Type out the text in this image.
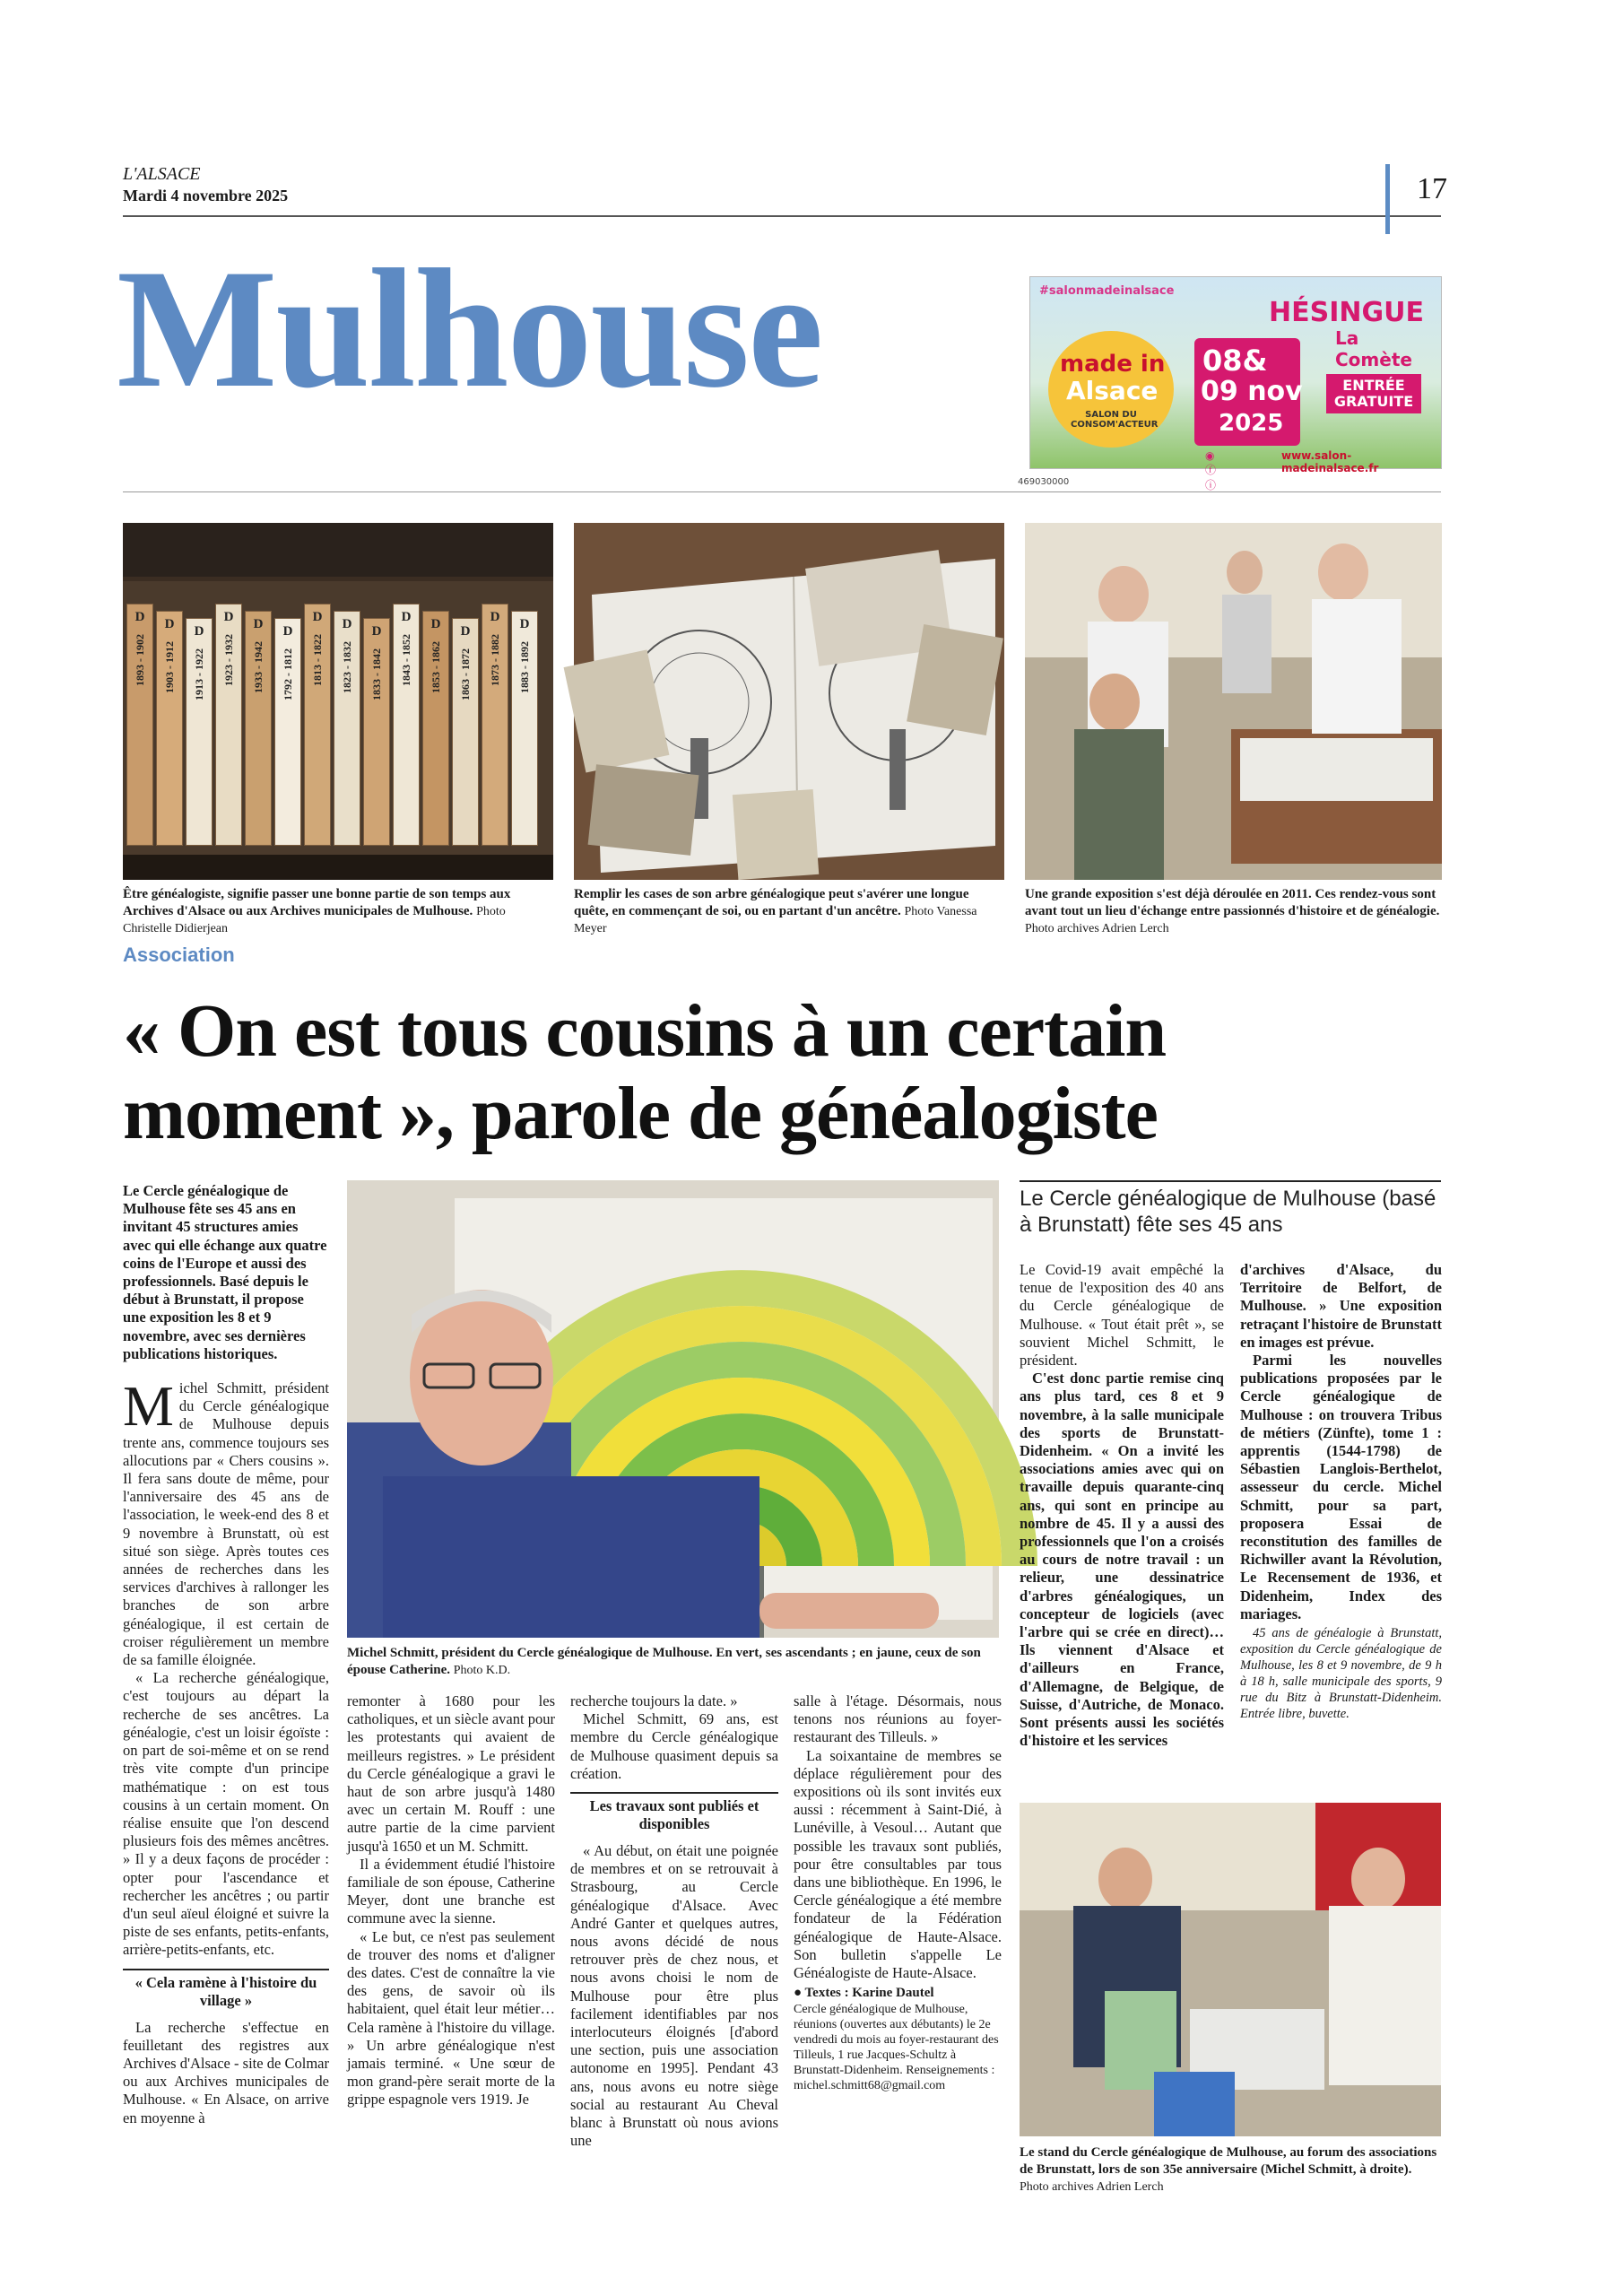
L'ALSACE
Mardi 4 novembre 2025	17
Mulhouse	#salonmadeinalsace
made in
Alsace
SALON DU CONSOM'ACTEUR
08&
09 nov
2025
HÉSINGUE
La Comète
ENTRÉE GRATUITE
◉ ⓕ ⓘ
www.salon-madeinalsace.fr
469030000
D
1893 - 1902
D
1903 - 1912
D
1913 - 1922
D
1923 - 1932
D
1933 - 1942
D
1792 - 1812
D
1813 - 1822
D
1823 - 1832
D
1833 - 1842
D
1843 - 1852
D
1853 - 1862
D
1863 - 1872
D
1873 - 1882
D
1883 - 1892
Être généalogiste, signifie passer une bonne partie de son temps aux Archives d'Alsace ou aux Archives municipales de Mulhouse. Photo Christelle Didierjean
Remplir les cases de son arbre généalogique peut s'avérer une longue quête, en commençant de soi, ou en partant d'un ancêtre. Photo Vanessa Meyer
Une grande exposition s'est déjà déroulée en 2011. Ces rendez-vous sont avant tout un lieu d'échange entre passionnés d'histoire et de généalogie. Photo archives Adrien Lerch
Association
« On est tous cousins à un certain moment », parole de généalogiste

Le Cercle généalogique de Mulhouse fête ses 45 ans en invitant 45 structures amies avec qui elle échange aux quatre coins de l'Europe et aussi des professionnels. Basé depuis le début à Brunstatt, il propose une exposition les 8 et 9 novembre, avec ses dernières publications historiques.

Michel Schmitt, président du Cercle généalogique de Mulhouse depuis trente ans, commence toujours ses allocutions par « Chers cousins ». Il fera sans doute de même, pour l'anniversaire des 45 ans de l'association, le week-end des 8 et 9 novembre à Brunstatt, où est situé son siège. Après toutes ces années de recherches dans les services d'archives à rallonger les branches de son arbre généalogique, il est certain de croiser régulièrement un membre de sa famille éloignée.

« La recherche généalogique, c'est toujours au départ la recherche de ses ancêtres. La généalogie, c'est un loisir égoïste : on part de soi-même et on se rend très vite compte d'un principe mathématique : on est tous cousins à un certain moment. On réalise ensuite que l'on descend plusieurs fois des mêmes ancêtres. » Il y a deux façons de procéder : opter pour l'ascendance et rechercher les ancêtres ; ou partir d'un seul aïeul éloigné et suivre la piste de ses enfants, petits-enfants, arrière-petits-enfants, etc.

« Cela ramène à l'histoire du village »

La recherche s'effectue en feuilletant des registres aux Archives d'Alsace - site de Colmar ou aux Archives municipales de Mulhouse. « En Alsace, on arrive en moyenne à

Michel Schmitt, président du Cercle généalogique de Mulhouse. En vert, ses ascendants ; en jaune, ceux de son épouse Catherine. Photo K.D.

remonter à 1680 pour les catholiques, et un siècle avant pour les protestants qui avaient de meilleurs registres. » Le président du Cercle généalogique a gravi le haut de son arbre jusqu'à 1480 avec un certain M. Rouff : une autre partie de la cime parvient jusqu'à 1650 et un M. Schmitt.

Il a évidemment étudié l'histoire familiale de son épouse, Catherine Meyer, dont une branche est commune avec la sienne.

« Le but, ce n'est pas seulement de trouver des noms et d'aligner des dates. C'est de connaître la vie des gens, de savoir où ils habitaient, quel était leur métier… Cela ramène à l'histoire du village. » Un arbre généalogique n'est jamais terminé. « Une sœur de mon grand-père serait morte de la grippe espagnole vers 1919. Je

recherche toujours la date. »

Michel Schmitt, 69 ans, est membre du Cercle généalogique de Mulhouse quasiment depuis sa création.

Les travaux sont publiés et disponibles

« Au début, on était une poignée de membres et on se retrouvait à Strasbourg, au Cercle généalogique d'Alsace. Avec André Ganter et quelques autres, nous avons décidé de nous retrouver près de chez nous, et nous avons choisi le nom de Mulhouse pour être plus facilement identifiables par nos interlocuteurs éloignés [d'abord une section, puis une association autonome en 1995]. Pendant 43 ans, nous avons eu notre siège social au restaurant Au Cheval blanc à Brunstatt où nous avions une

salle à l'étage. Désormais, nous tenons nos réunions au foyer-restaurant des Tilleuls. »

La soixantaine de membres se déplace régulièrement pour des expositions où ils sont invités eux aussi : récemment à Saint-Dié, à Lunéville, à Vesoul… Autant que possible les travaux sont publiés, pour être consultables par tous dans une bibliothèque. En 1996, le Cercle généalogique a été membre fondateur de la Fédération généalogique de Haute-Alsace. Son bulletin s'appelle Le Généalogiste de Haute-Alsace.

● Textes : Karine Dautel

Cercle généalogique de Mulhouse, réunions (ouvertes aux débutants) le 2e vendredi du mois au foyer-restaurant des Tilleuls, 1 rue Jacques-Schultz à Brunstatt-Didenheim. Renseignements : michel.schmitt68@gmail.com

Le Cercle généalogique de Mulhouse (basé à Brunstatt) fête ses 45 ans

Le Covid-19 avait empêché la tenue de l'exposition des 40 ans du Cercle généalogique de Mulhouse. « Tout était prêt », se souvient Michel Schmitt, le président.

C'est donc partie remise cinq ans plus tard, ces 8 et 9 novembre, à la salle municipale des sports de Brunstatt-Didenheim. « On a invité les associations amies avec qui on travaille depuis quarante-cinq ans, qui sont en principe au nombre de 45. Il y a aussi des professionnels que l'on a croisés au cours de notre travail : un relieur, une dessinatrice d'arbres généalogiques, un concepteur de logiciels (avec l'arbre qui se crée en direct)… Ils viennent d'Alsace et d'ailleurs en France, d'Allemagne, de Belgique, de Suisse, d'Autriche, de Monaco. Sont présents aussi les sociétés d'histoire et les services

d'archives d'Alsace, du Territoire de Belfort, de Mulhouse. » Une exposition retraçant l'histoire de Brunstatt en images est prévue.

Parmi les nouvelles publications proposées par le Cercle généalogique de Mulhouse : on trouvera Tribus de métiers (Zünfte), tome 1 : apprentis (1544-1798) de Sébastien Langlois-Berthelot, assesseur du cercle. Michel Schmitt, pour sa part, proposera Essai de reconstitution des familles de Richwiller avant la Révolution, Le Recensement de 1936, et Didenheim, Index des mariages.

45 ans de généalogie à Brunstatt, exposition du Cercle généalogique de Mulhouse, les 8 et 9 novembre, de 9 h à 18 h, salle municipale des sports, 9 rue du Bitz à Brunstatt-Didenheim. Entrée libre, buvette.

Le stand du Cercle généalogique de Mulhouse, au forum des associations de Brunstatt, lors de son 35e anniversaire (Michel Schmitt, à droite). Photo archives Adrien Lerch
